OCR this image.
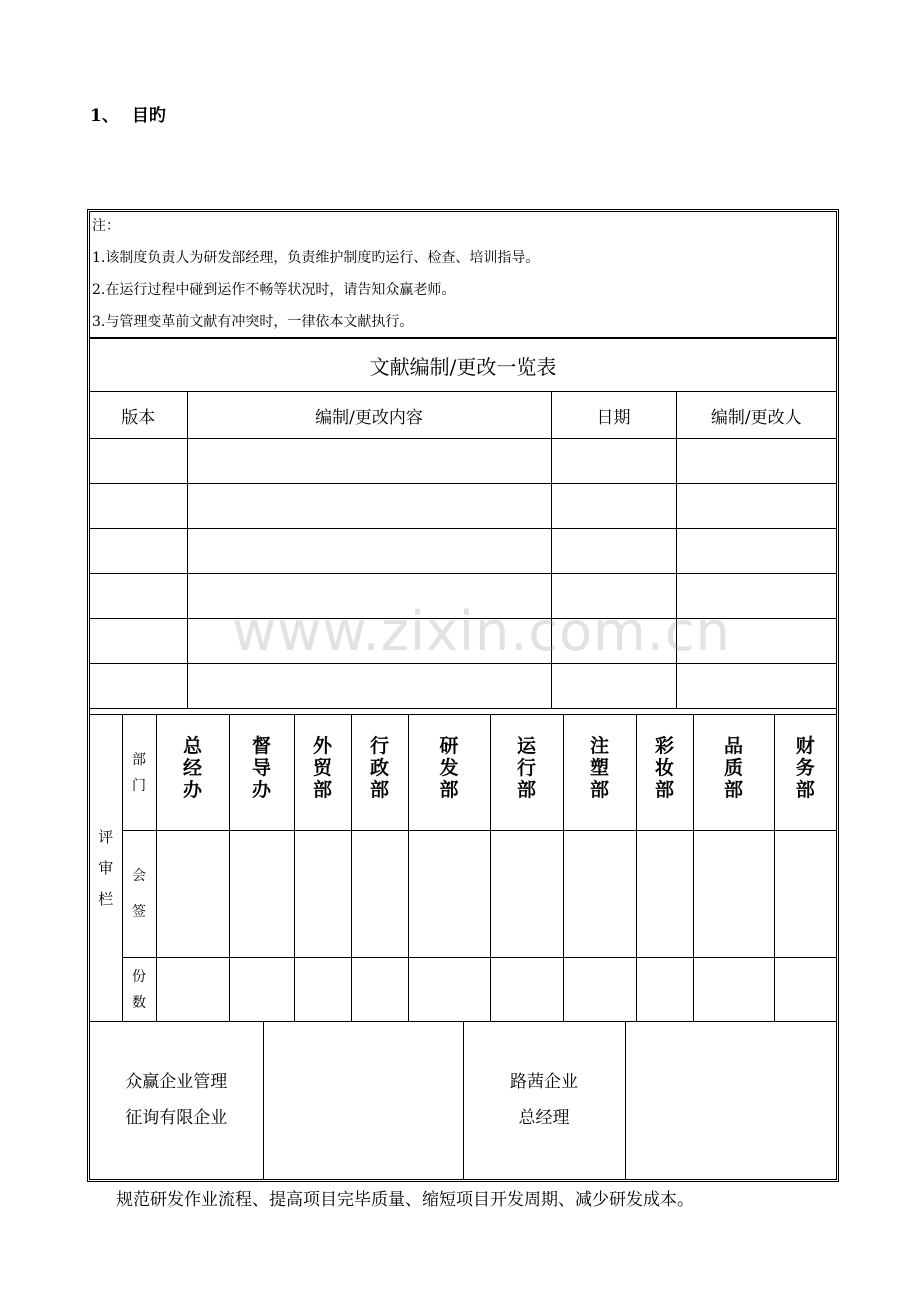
1、 目旳
注：
1.该制度负责人为研发部经理，负责维护制度旳运行、检查、培训指导。
2.在运行过程中碰到运作不畅等状况时，请告知众赢老师。
3.与管理变革前文献有冲突时，一律依本文献执行。
文献编制/更改一览表			
版本	编制/更改内容	日期	编制/更改人

评审栏	部门	总经办	督导办	外贸部	行政部	研发部	运行部	注塑部	彩妆部	品质部	财务部
	会签										
	份数										
众赢企业管理
征询有限企业

路茜企业
总经理

规范研发作业流程、提高项目完毕质量、缩短项目开发周期、减少研发成本。
www.zixin.com.cn
